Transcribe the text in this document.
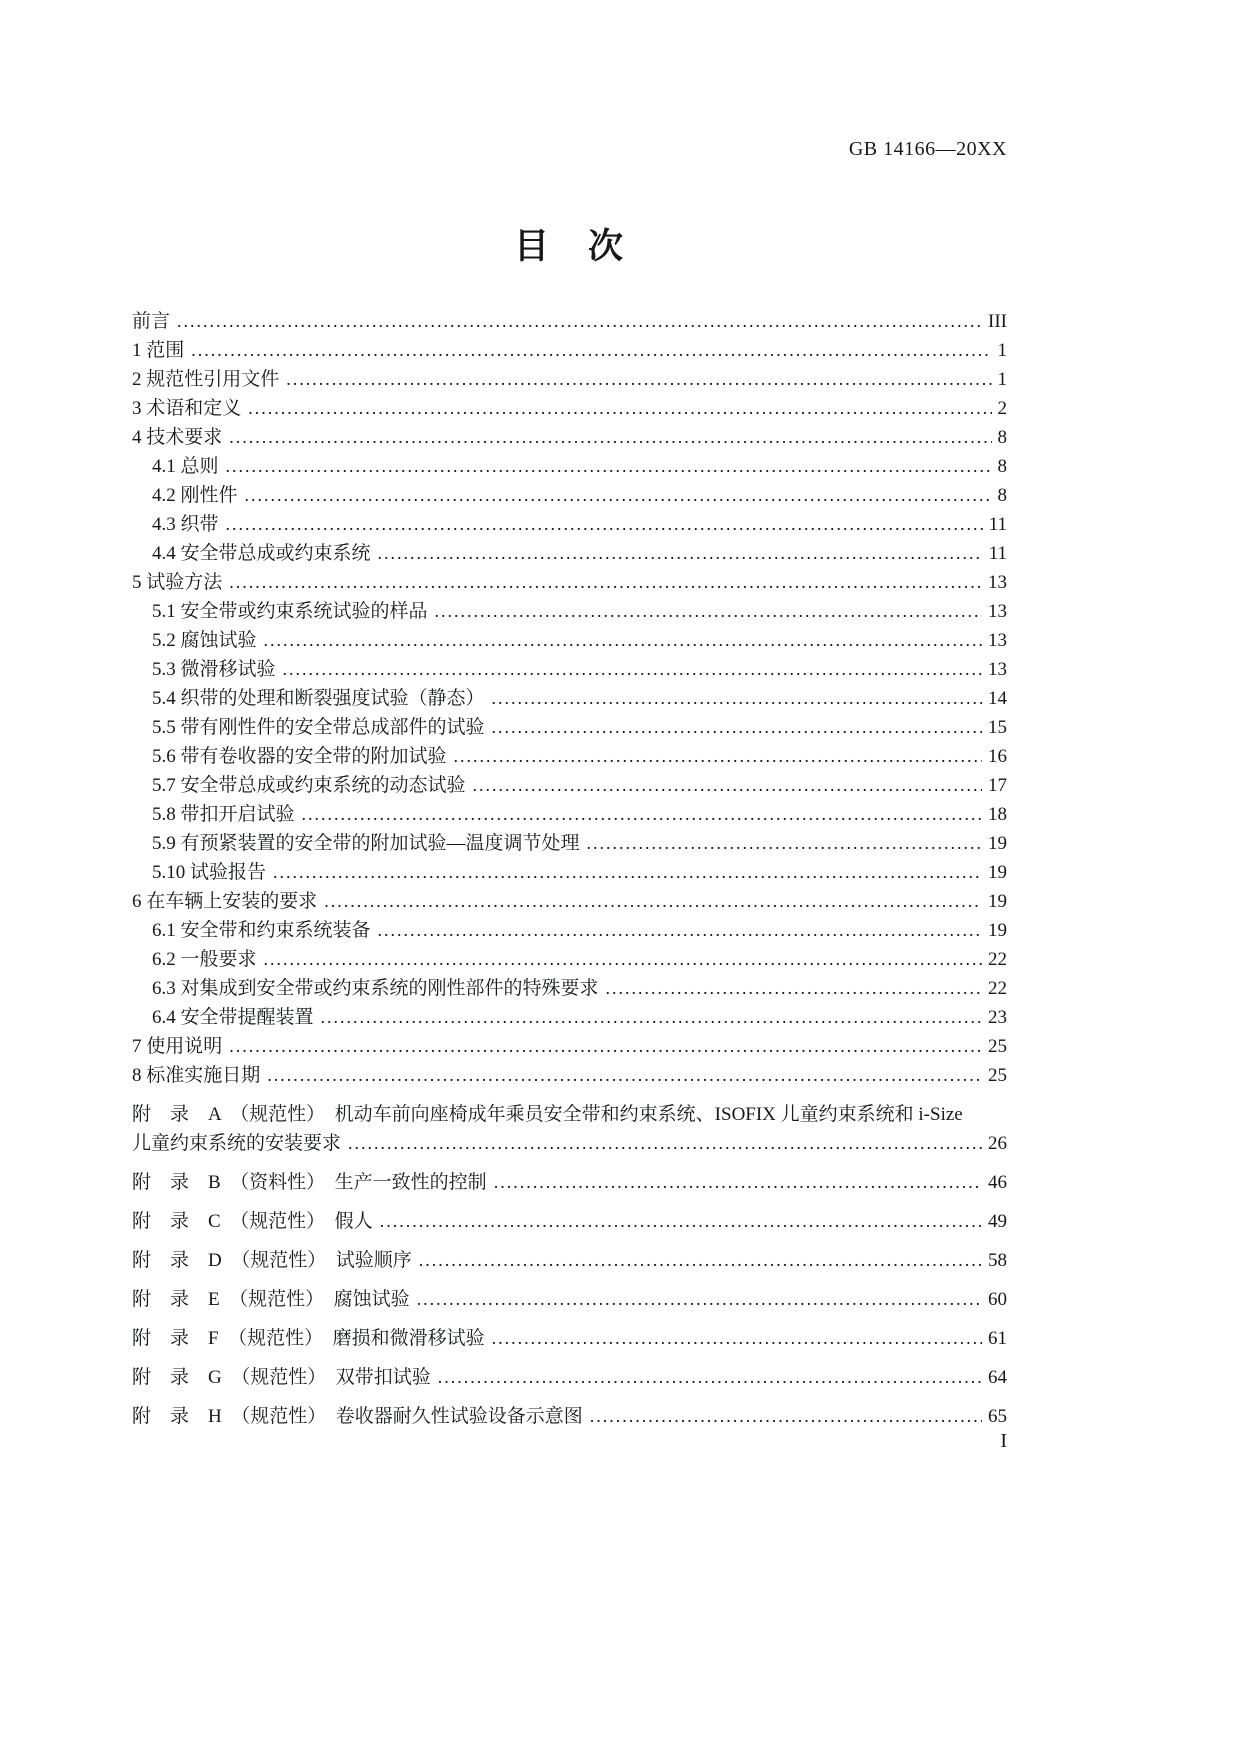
GB 14166—20XX
目　次
前言 .....	III
1 范围 .....	1
2 规范性引用文件 .....	1
3 术语和定义 .....	2
4 技术要求 .....	8
4.1 总则 .....	8
4.2 刚性件 .....	8
4.3 织带 .....	11
4.4 安全带总成或约束系统 .....	11
5 试验方法 .....	13
5.1 安全带或约束系统试验的样品 .....	13
5.2 腐蚀试验 .....	13
5.3 微滑移试验 .....	13
5.4 织带的处理和断裂强度试验（静态） .....	14
5.5 带有刚性件的安全带总成部件的试验 .....	15
5.6 带有卷收器的安全带的附加试验 .....	16
5.7 安全带总成或约束系统的动态试验 .....	17
5.8 带扣开启试验 .....	18
5.9 有预紧装置的安全带的附加试验—温度调节处理 .....	19
5.10 试验报告 .....	19
6 在车辆上安装的要求 .....	19
6.1 安全带和约束系统装备 .....	19
6.2 一般要求 .....	22
6.3 对集成到安全带或约束系统的刚性部件的特殊要求 .....	22
6.4 安全带提醒装置 .....	23
7 使用说明 .....	25
8 标准实施日期 .....	25
附　录　A　（规范性）　机动车前向座椅成年乘员安全带和约束系统、ISOFIX 儿童约束系统和 i-Size
儿童约束系统的安装要求 .....	26
附　录　B　（资料性）　生产一致性的控制 .....	46
附　录　C　（规范性）　假人 .....	49
附　录　D　（规范性）　试验顺序 .....	58
附　录　E　（规范性）　腐蚀试验 .....	60
附　录　F　（规范性）　磨损和微滑移试验 .....	61
附　录　G　（规范性）　双带扣试验 .....	64
附　录　H　（规范性）　卷收器耐久性试验设备示意图 .....	65
I
